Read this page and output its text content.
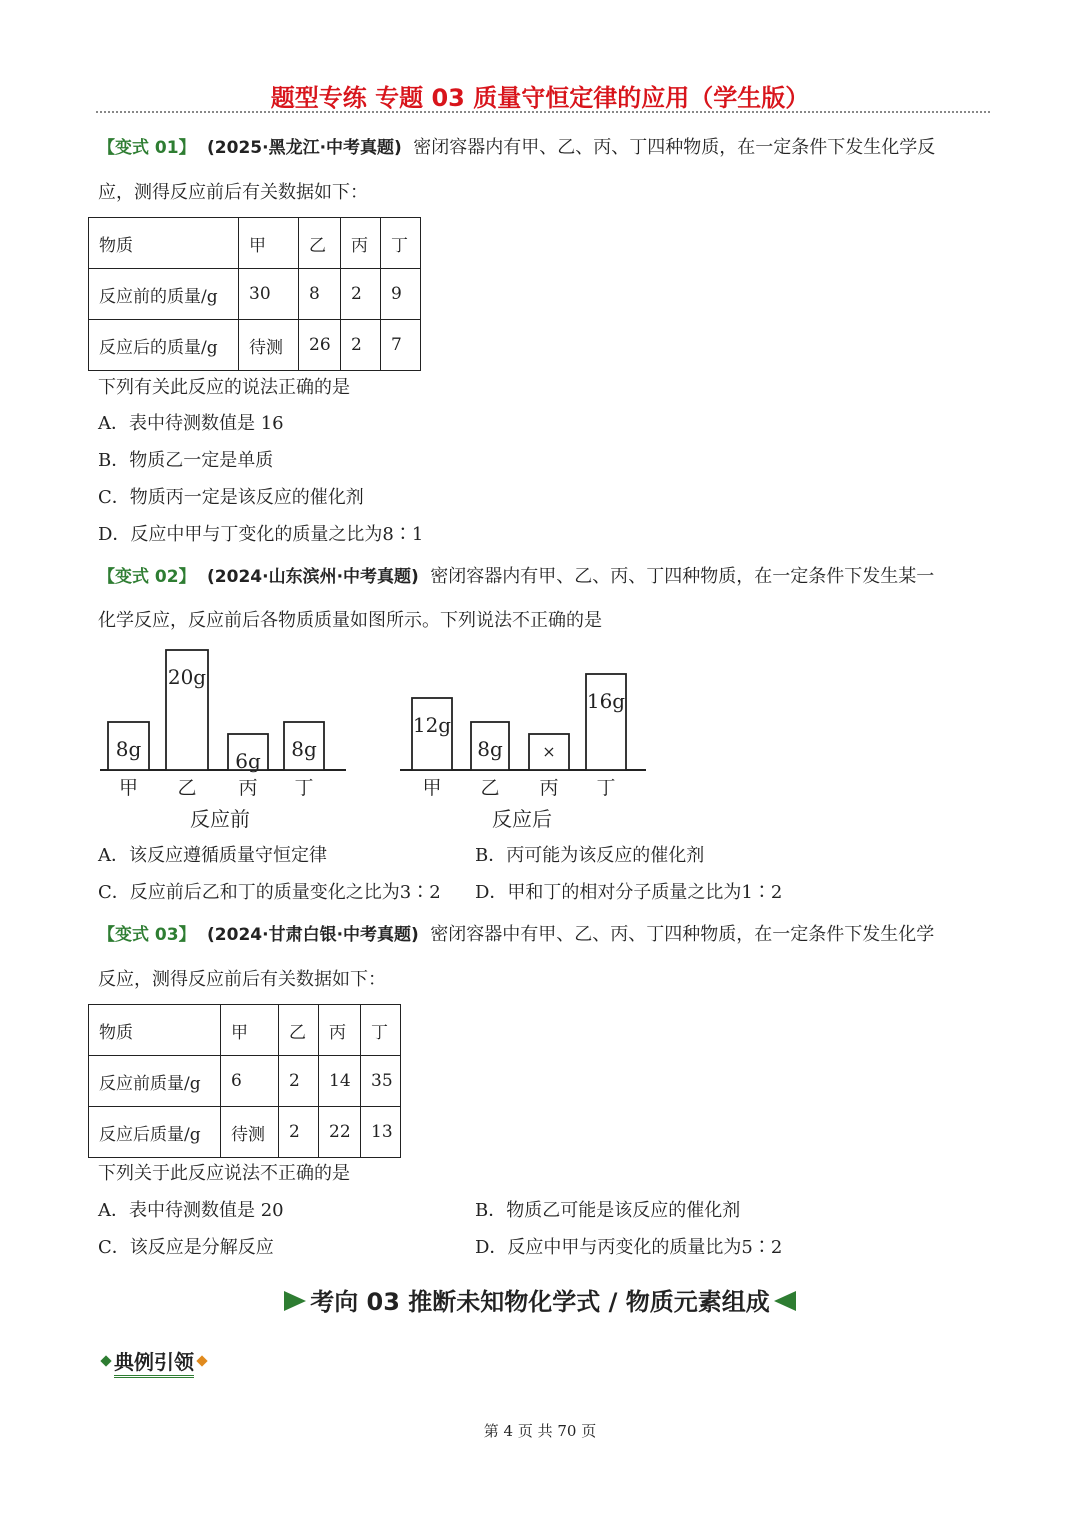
题型专练 专题 03 质量守恒定律的应用（学生版）
【变式 01】 (2025·黑龙江·中考真题) 密闭容器内有甲、乙、丙、丁四种物质，在一定条件下发生化学反
应，测得反应前后有关数据如下：
物质	甲	乙	丙	丁
反应前的质量/g	30	8	2	9
反应后的质量/g	待测	26	2	7
下列有关此反应的说法正确的是
A．表中待测数值是 16
B．物质乙一定是单质
C．物质丙一定是该反应的催化剂
D．反应中甲与丁变化的质量之比为8∶1
【变式 02】 (2024·山东滨州·中考真题) 密闭容器内有甲、乙、丙、丁四种物质，在一定条件下发生某一
化学反应，反应前后各物质质量如图所示。下列说法不正确的是
8g
甲
20g
乙
6g
丙
8g
丁
反应前
12g
甲
8g
乙
×
丙
16g
丁
反应后
A．该反应遵循质量守恒定律	B．丙可能为该反应的催化剂
C．反应前后乙和丁的质量变化之比为3∶2 D．甲和丁的相对分子质量之比为1∶2
【变式 03】 (2024·甘肃白银·中考真题) 密闭容器中有甲、乙、丙、丁四种物质，在一定条件下发生化学
反应，测得反应前后有关数据如下：
物质	甲	乙	丙	丁
反应前质量/g	6	2	14	35
反应后质量/g	待测	2	22	13
下列关于此反应说法不正确的是
A．表中待测数值是 20	B．物质乙可能是该反应的催化剂
C．该反应是分解反应	D．反应中甲与丙变化的质量比为5∶2
考向 03 推断未知物化学式 / 物质元素组成
典例引领
第 4 页 共 70 页
